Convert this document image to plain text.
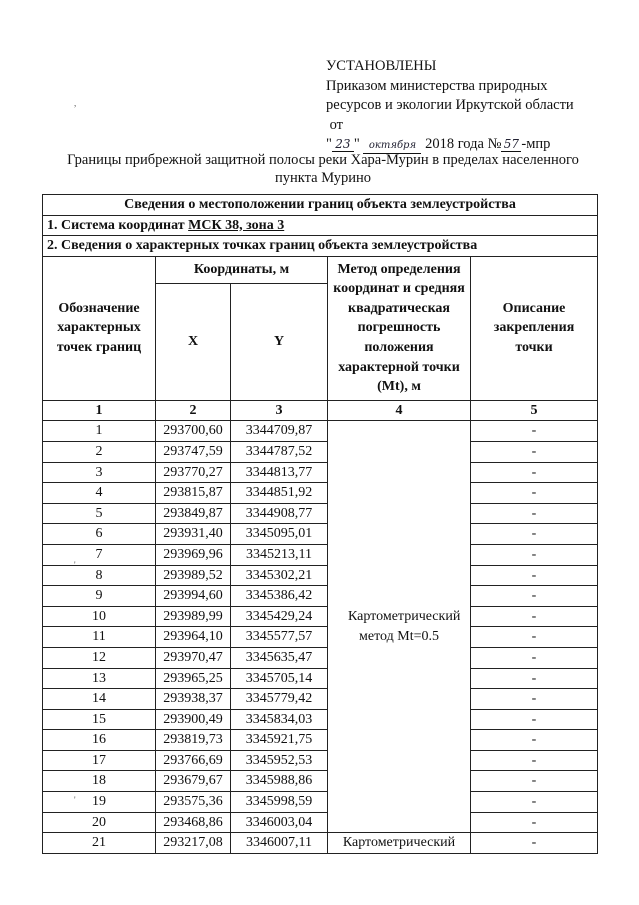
УСТАНОВЛЕНЫ
Приказом министерства природных
ресурсов и экологии Иркутской области
от
" 23 " октября 2018 года № 57 -мпр
,
'
'
Границы прибрежной защитной полосы реки Хара-Мурин в пределах населенного
пункта Мурино
Сведения о местоположении границ объекта землеустройства				
1. Система координат МСК 38, зона 3				
2. Сведения о характерных точках границ объекта землеустройства				
Обозначение характерных точек границ	Координаты, м		Метод определения координат и средняя квадратическая погрешность положения характерной точки (Mt), м	Описание закрепления точки
	X	Y		
1	2	3	4	5
1	293700,60	3344709,87	Картометрический метод Mt=0.5	-
2	293747,59	3344787,52		-
3	293770,27	3344813,77		-
4	293815,87	3344851,92		-
5	293849,87	3344908,77		-
6	293931,40	3345095,01		-
7	293969,96	3345213,11		-
8	293989,52	3345302,21		-
9	293994,60	3345386,42		-
10	293989,99	3345429,24		-
11	293964,10	3345577,57		-
12	293970,47	3345635,47		-
13	293965,25	3345705,14		-
14	293938,37	3345779,42		-
15	293900,49	3345834,03		-
16	293819,73	3345921,75		-
17	293766,69	3345952,53		-
18	293679,67	3345988,86		-
19	293575,36	3345998,59		-
20	293468,86	3346003,04		-
21	293217,08	3346007,11	Картометрический	-
